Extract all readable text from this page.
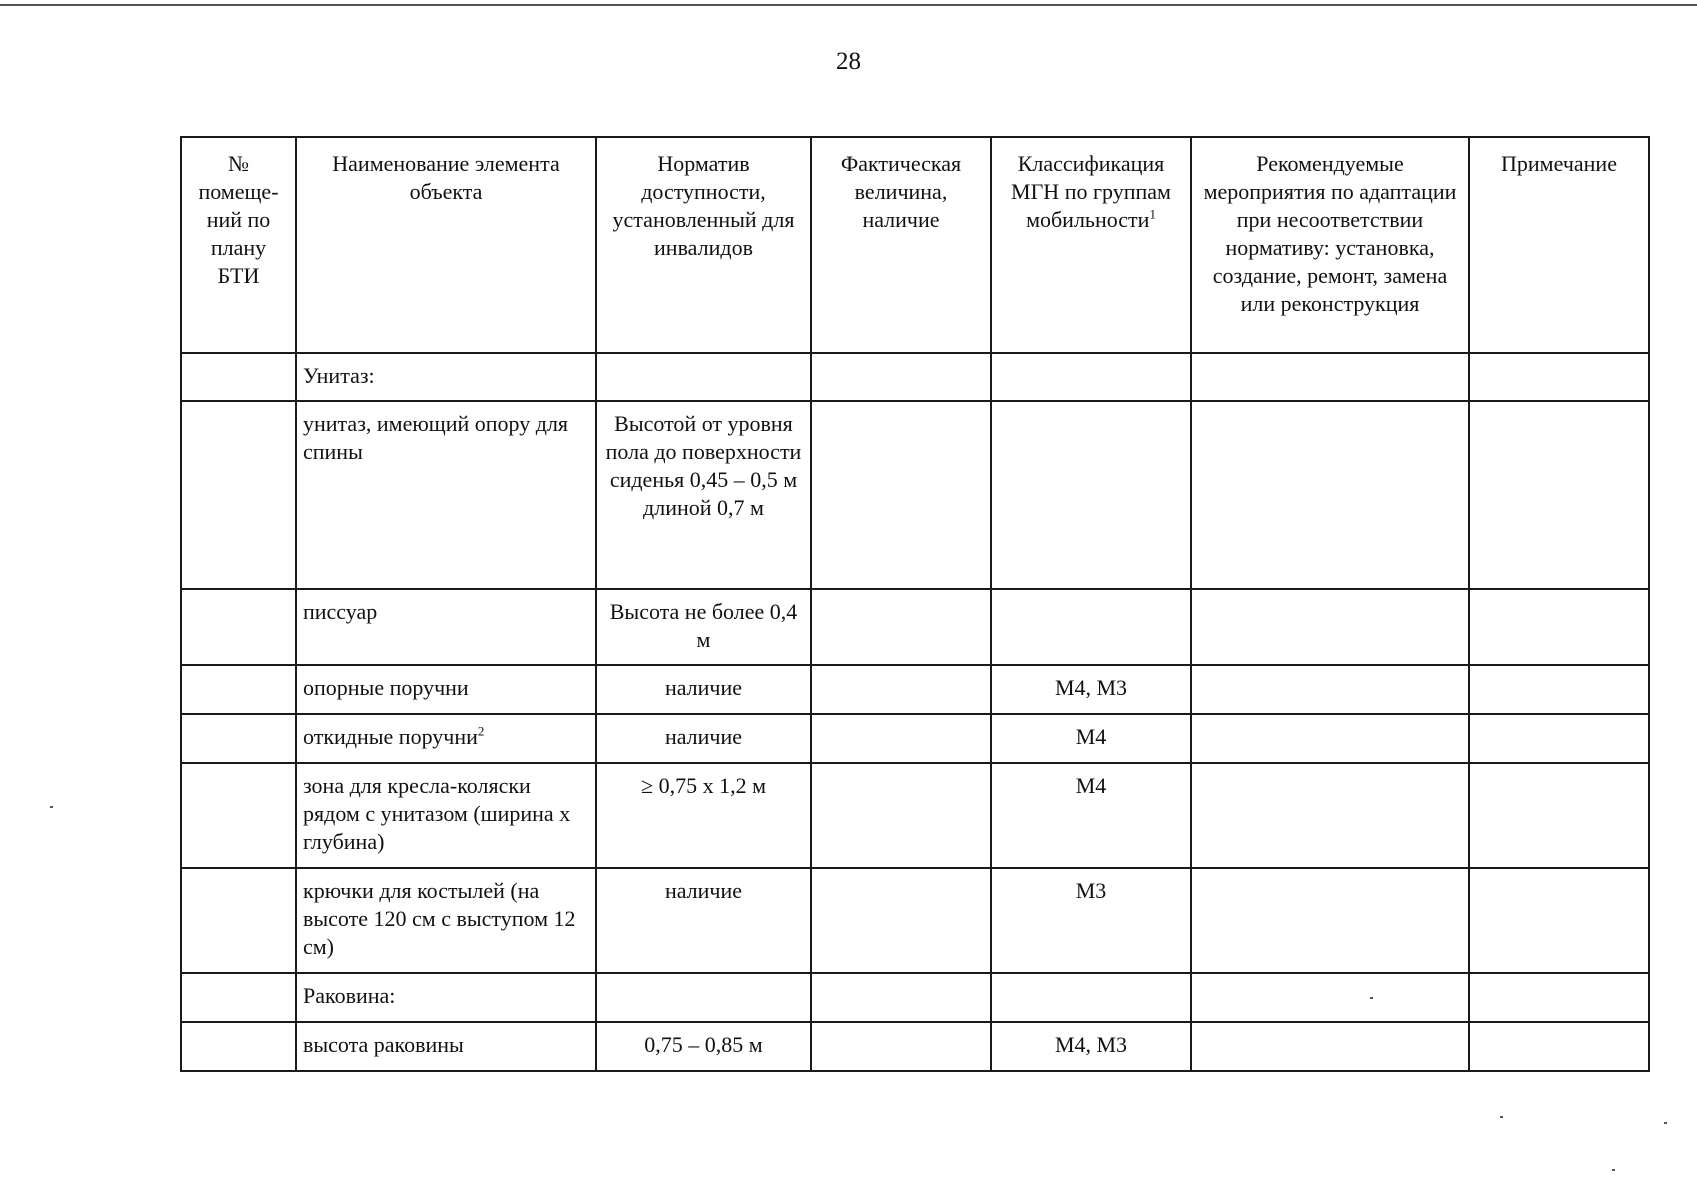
28
№ помеще-ний по плану БТИ	Наименование элемента объекта	Норматив доступности, установленный для инвалидов	Фактическая величина, наличие	Классификация МГН по группам мобильности$^1$	Рекомендуемые мероприятия по адаптации при несоответствии нормативу: установка, создание, ремонт, замена или реконструкция	Примечание
	Унитаз:					
	унитаз, имеющий опору для спины	Высотой от уровня пола до поверхности сиденья 0,45 – 0,5 м длиной 0,7 м				
	писсуар	Высота не более 0,4 м				
	опорные поручни	наличие		М4, М3		
	откидные поручни$^2$	наличие		М4		
	зона для кресла-коляски рядом с унитазом (ширина х глубина)	≥ 0,75 х 1,2 м		М4		
	крючки для костылей (на высоте 120 см с выступом 12 см)	наличие		М3		
	Раковина:					
	высота раковины	0,75 – 0,85 м		М4, М3		
